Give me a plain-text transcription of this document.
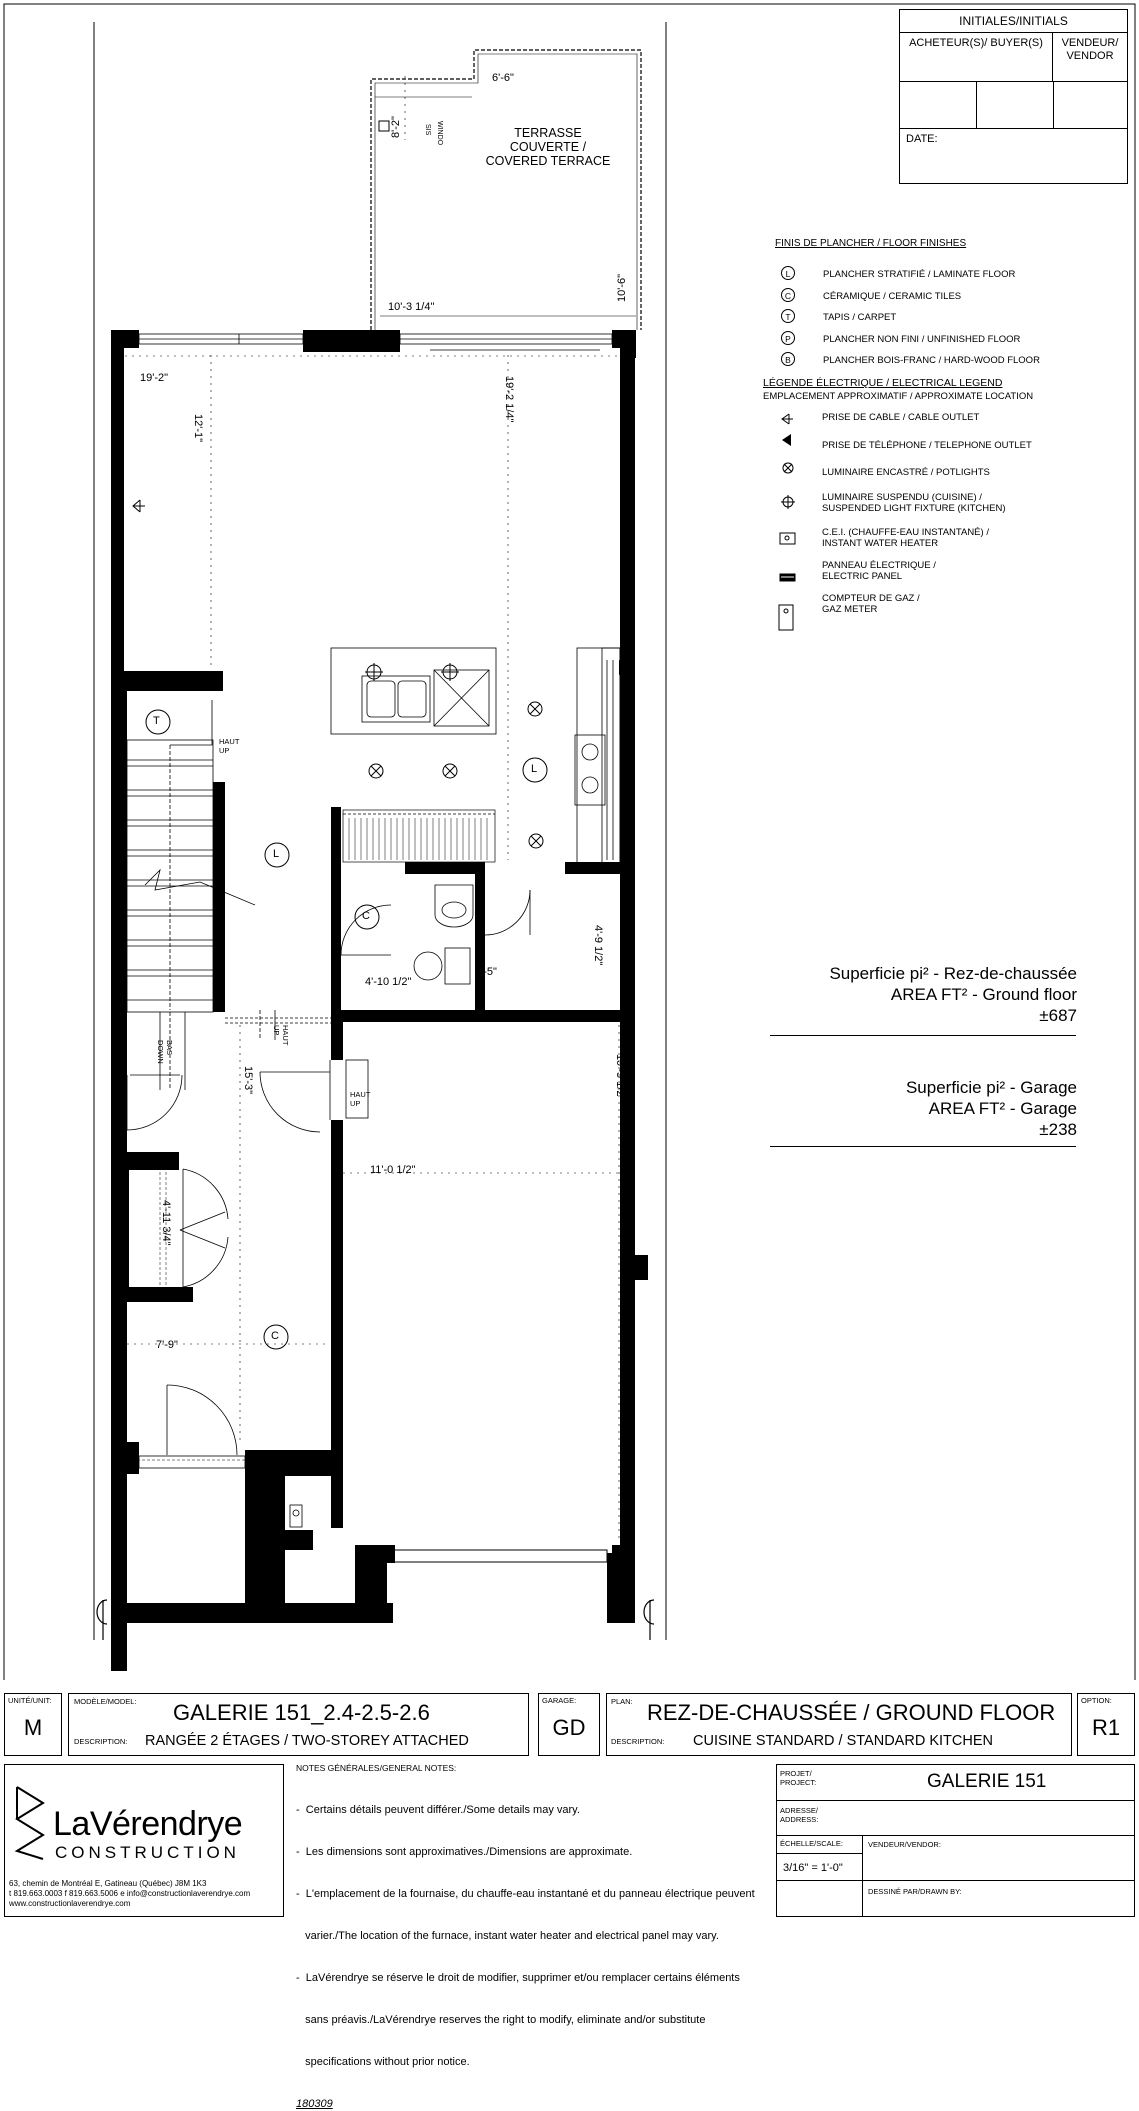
TERRASSE
COUVERTE /
COVERED TERRACE
6'-6"
8'-2"	WINDO
SIS
10'-3 1/4"
10'-6"
19'-2"
12'-1"
19'-2 1/4"
4'-10 1/2"
5'-5"
4'-9 1/2"
15'-3"	19'-5 1/2"
11'-0 1/2"
4'-11 3/4"
7'-9"
T
L
L
C
C
HAUT
UP
BAS
DOWN
HAUT
UP
HAUT
UP
INITIALES/INITIALS
ACHETEUR(S)/ BUYER(S)	VENDEUR/ VENDOR
DATE:
FINIS DE PLANCHER / FLOOR FINISHES
L	PLANCHER STRATIFIÉ / LAMINATE FLOOR
C	CÉRAMIQUE / CERAMIC TILES
T	TAPIS / CARPET
P	PLANCHER NON FINI / UNFINISHED FLOOR
B	PLANCHER BOIS-FRANC / HARD-WOOD FLOOR
LÉGENDE ÉLECTRIQUE / ELECTRICAL LEGEND
EMPLACEMENT APPROXIMATIF / APPROXIMATE LOCATION
PRISE DE CABLE / CABLE OUTLET
PRISE DE TÉLÉPHONE / TELEPHONE OUTLET
LUMINAIRE ENCASTRÉ / POTLIGHTS
LUMINAIRE SUSPENDU (CUISINE) /
SUSPENDED LIGHT FIXTURE (KITCHEN)
C.E.I. (CHAUFFE-EAU INSTANTANÉ) /
INSTANT WATER HEATER
PANNEAU ÉLECTRIQUE /
ELECTRIC PANEL
COMPTEUR DE GAZ /
GAZ METER
Superficie pi² - Rez-de-chaussée
AREA FT² - Ground floor
±687
Superficie pi² - Garage
AREA FT² - Garage
±238
UNITÉ/UNIT:
M
MODÈLE/MODEL: GALERIE 151_2.4-2.5-2.6
DESCRIPTION: RANGÉE 2 ÉTAGES / TWO-STOREY ATTACHED
GARAGE:
GD
PLAN: REZ-DE-CHAUSSÉE / GROUND FLOOR
DESCRIPTION: CUISINE STANDARD / STANDARD KITCHEN
OPTION:
R1
LaVérendrye
CONSTRUCTION
63, chemin de Montréal E, Gatineau (Québec) J8M 1K3
t 819.663.0003 f 819.663.5006 e info@constructionlaverendrye.com
www.constructionlaverendrye.com
NOTES GÉNÉRALES/GENERAL NOTES:

-  Certains détails peuvent différer./Some details may vary.

-  Les dimensions sont approximatives./Dimensions are approximate.

-  L'emplacement de la fournaise, du chauffe-eau instantané et du panneau électrique peuvent

varier./The location of the furnace, instant water heater and electrical panel may vary.

-  LaVérendrye se réserve le droit de modifier, supprimer et/ou remplacer certains éléments

sans préavis./LaVérendrye reserves the right to modify, eliminate and/or substitute

specifications without prior notice.

180309
PROJET/ PROJECT:	GALERIE 151
ADRESSE/ ADDRESS:
ÉCHELLE/SCALE:
3/16" = 1'-0"
VENDEUR/VENDOR:
DESSINÉ PAR/DRAWN BY:
